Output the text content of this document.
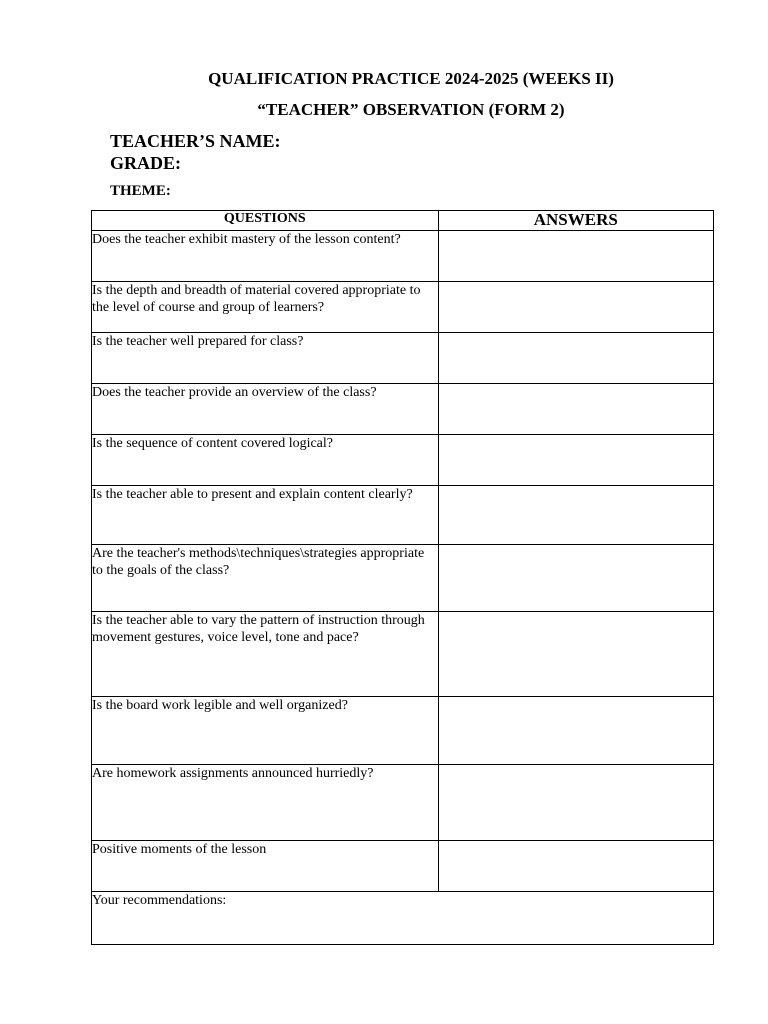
QUALIFICATION PRACTICE 2024-2025 (WEEKS II)
“TEACHER” OBSERVATION (FORM 2)
TEACHER’S NAME:
GRADE:
THEME:
QUESTIONS	ANSWERS
Does the teacher exhibit mastery of the lesson content?	
Is the depth and breadth of material covered appropriate to the level of course and group of learners?	
Is the teacher well prepared for class?	
Does the teacher provide an overview of the class?	
Is the sequence of content covered logical?	
Is the teacher able to present and explain content clearly?	
Are the teacher's methods\techniques\strategies appropriate to the goals of the class?	
Is the teacher able to vary the pattern of instruction through movement gestures, voice level, tone and pace?	
Is the board work legible and well organized?	
Are homework assignments announced hurriedly?	
Positive moments of the lesson	
Your recommendations:	
